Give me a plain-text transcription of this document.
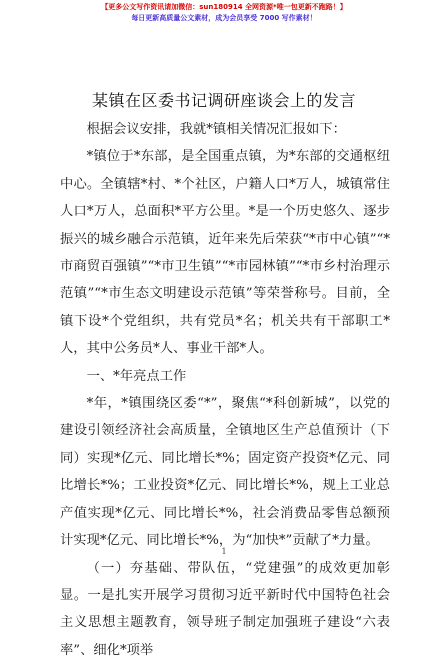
【更多公文写作资讯请加微信：sun180914 全网资源*唯一包更新不跑路！】
每日更新高质量公文素材，成为会员享受 7000 写作素材！
某镇在区委书记调研座谈会上的发言

根据会议安排，我就*镇相关情况汇报如下：

*镇位于*东部，是全国重点镇，为*东部的交通枢纽中心。全镇辖*村、*个社区，户籍人口*万人，城镇常住人口*万人，总面积*平方公里。*是一个历史悠久、逐步振兴的城乡融合示范镇，近年来先后荣获“*市中心镇”“*市商贸百强镇”“*市卫生镇”“*市园林镇”“*市乡村治理示范镇”“*市生态文明建设示范镇”等荣誉称号。目前，全镇下设*个党组织，共有党员*名；机关共有干部职工*人，其中公务员*人、事业干部*人。

一、*年亮点工作

*年，*镇围绕区委“*”，聚焦“*科创新城”，以党的建设引领经济社会高质量，全镇地区生产总值预计（下同）实现*亿元、同比增长*%；固定资产投资*亿元、同比增长*%；工业投资*亿元、同比增长*%，规上工业总产值实现*亿元、同比增长*%，社会消费品零售总额预计实现*亿元、同比增长*%，为“加快*”贡献了*力量。

（一）夯基础、带队伍，“党建强”的成效更加彰显。一是扎实开展学习贯彻习近平新时代中国特色社会主义思想主题教育，领导班子制定加强班子建设“六表率”、细化*项举

1
